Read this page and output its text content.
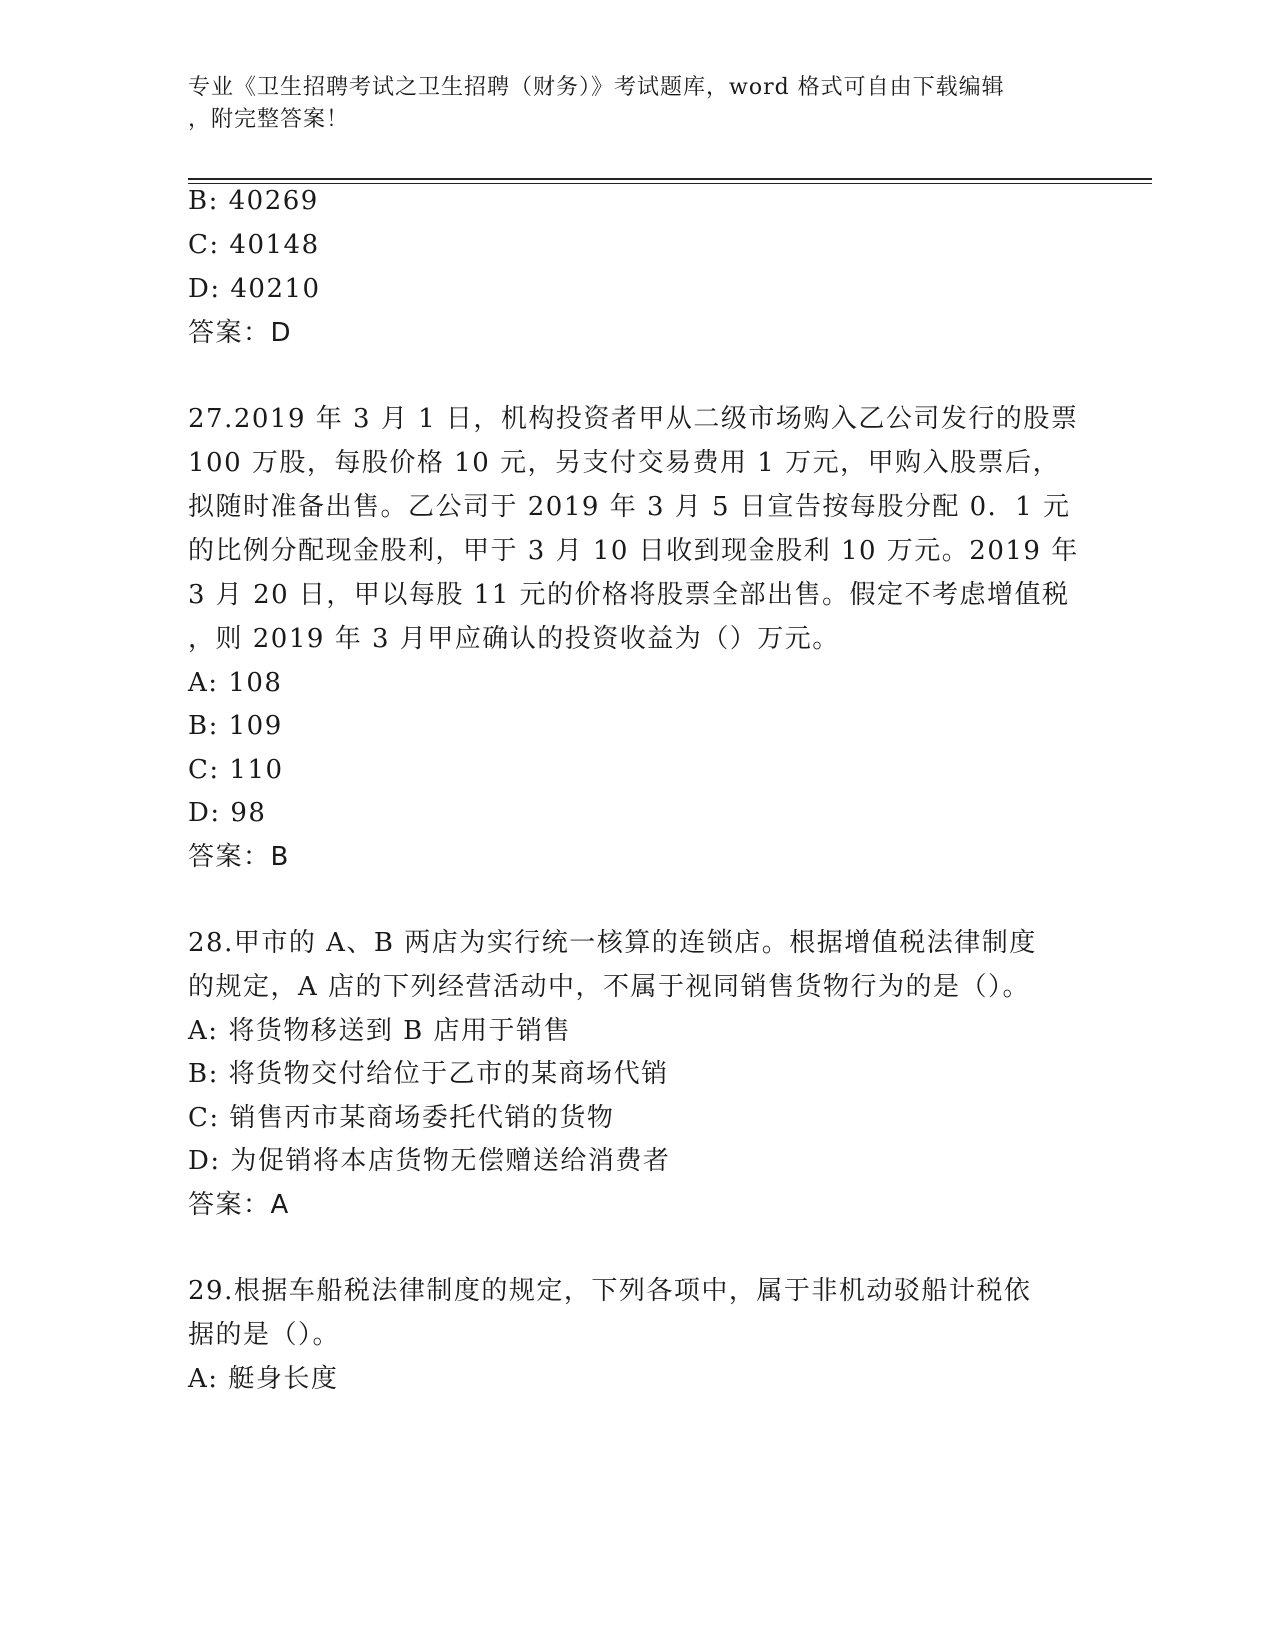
专业《卫生招聘考试之卫生招聘（财务）》考试题库，word 格式可自由下载编辑
，附完整答案！
B: 40269
C: 40148
D: 40210
答案：D
27.2019 年 3 月 1 日，机构投资者甲从二级市场购入乙公司发行的股票
100 万股，每股价格 10 元，另支付交易费用 1 万元，甲购入股票后，
拟随时准备出售。乙公司于 2019 年 3 月 5 日宣告按每股分配 0．1 元
的比例分配现金股利，甲于 3 月 10 日收到现金股利 10 万元。2019 年
3 月 20 日，甲以每股 11 元的价格将股票全部出售。假定不考虑增值税
，则 2019 年 3 月甲应确认的投资收益为（）万元。
A: 108
B: 109
C: 110
D: 98
答案：B
28.甲市的 A、B 两店为实行统一核算的连锁店。根据增值税法律制度
的规定，A 店的下列经营活动中，不属于视同销售货物行为的是（）。
A: 将货物移送到 B 店用于销售
B: 将货物交付给位于乙市的某商场代销
C: 销售丙市某商场委托代销的货物
D: 为促销将本店货物无偿赠送给消费者
答案：A
29.根据车船税法律制度的规定，下列各项中，属于非机动驳船计税依
据的是（）。
A: 艇身长度
